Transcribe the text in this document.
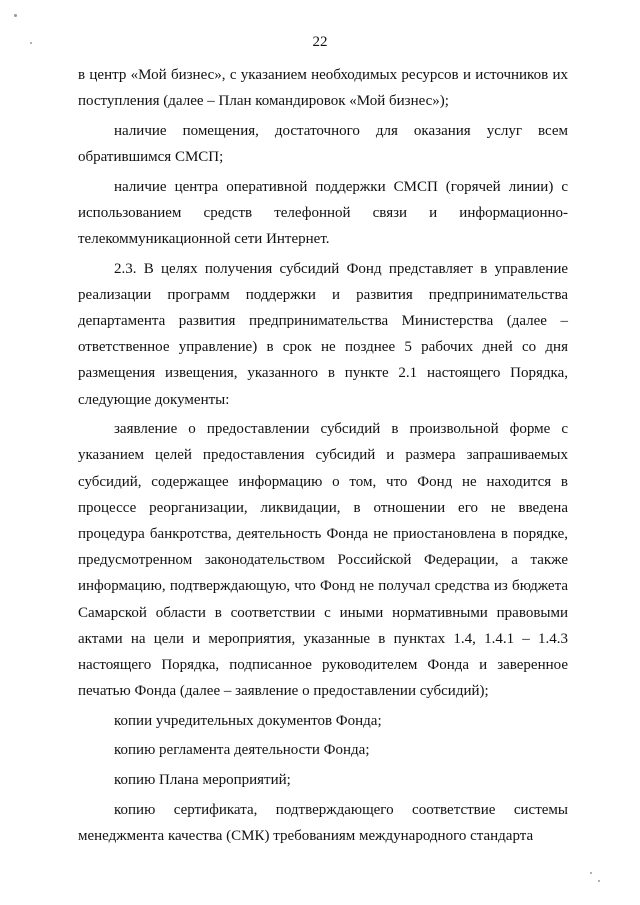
22

в центр «Мой бизнес», с указанием необходимых ресурсов и источников их поступления (далее – План командировок «Мой бизнес»);

наличие помещения, достаточного для оказания услуг всем обратившимся СМСП;

наличие центра оперативной поддержки СМСП (горячей линии) с использованием средств телефонной связи и информационно-телекоммуникационной сети Интернет.

2.3. В целях получения субсидий Фонд представляет в управление реализации программ поддержки и развития предпринимательства департамента развития предпринимательства Министерства (далее – ответственное управление) в срок не позднее 5 рабочих дней со дня размещения извещения, указанного в пункте 2.1 настоящего Порядка, следующие документы:

заявление о предоставлении субсидий в произвольной форме с указанием целей предоставления субсидий и размера запрашиваемых субсидий, содержащее информацию о том, что Фонд не находится в процессе реорганизации, ликвидации, в отношении его не введена процедура банкротства, деятельность Фонда не приостановлена в порядке, предусмотренном законодательством Российской Федерации, а также информацию, подтверждающую, что Фонд не получал средства из бюджета Самарской области в соответствии с иными нормативными правовыми актами на цели и мероприятия, указанные в пунктах 1.4, 1.4.1 – 1.4.3 настоящего Порядка, подписанное руководителем Фонда и заверенное печатью Фонда (далее – заявление о предоставлении субсидий);

копии учредительных документов Фонда;

копию регламента деятельности Фонда;

копию Плана мероприятий;

копию сертификата, подтверждающего соответствие системы менеджмента качества (СМК) требованиям международного стандарта
